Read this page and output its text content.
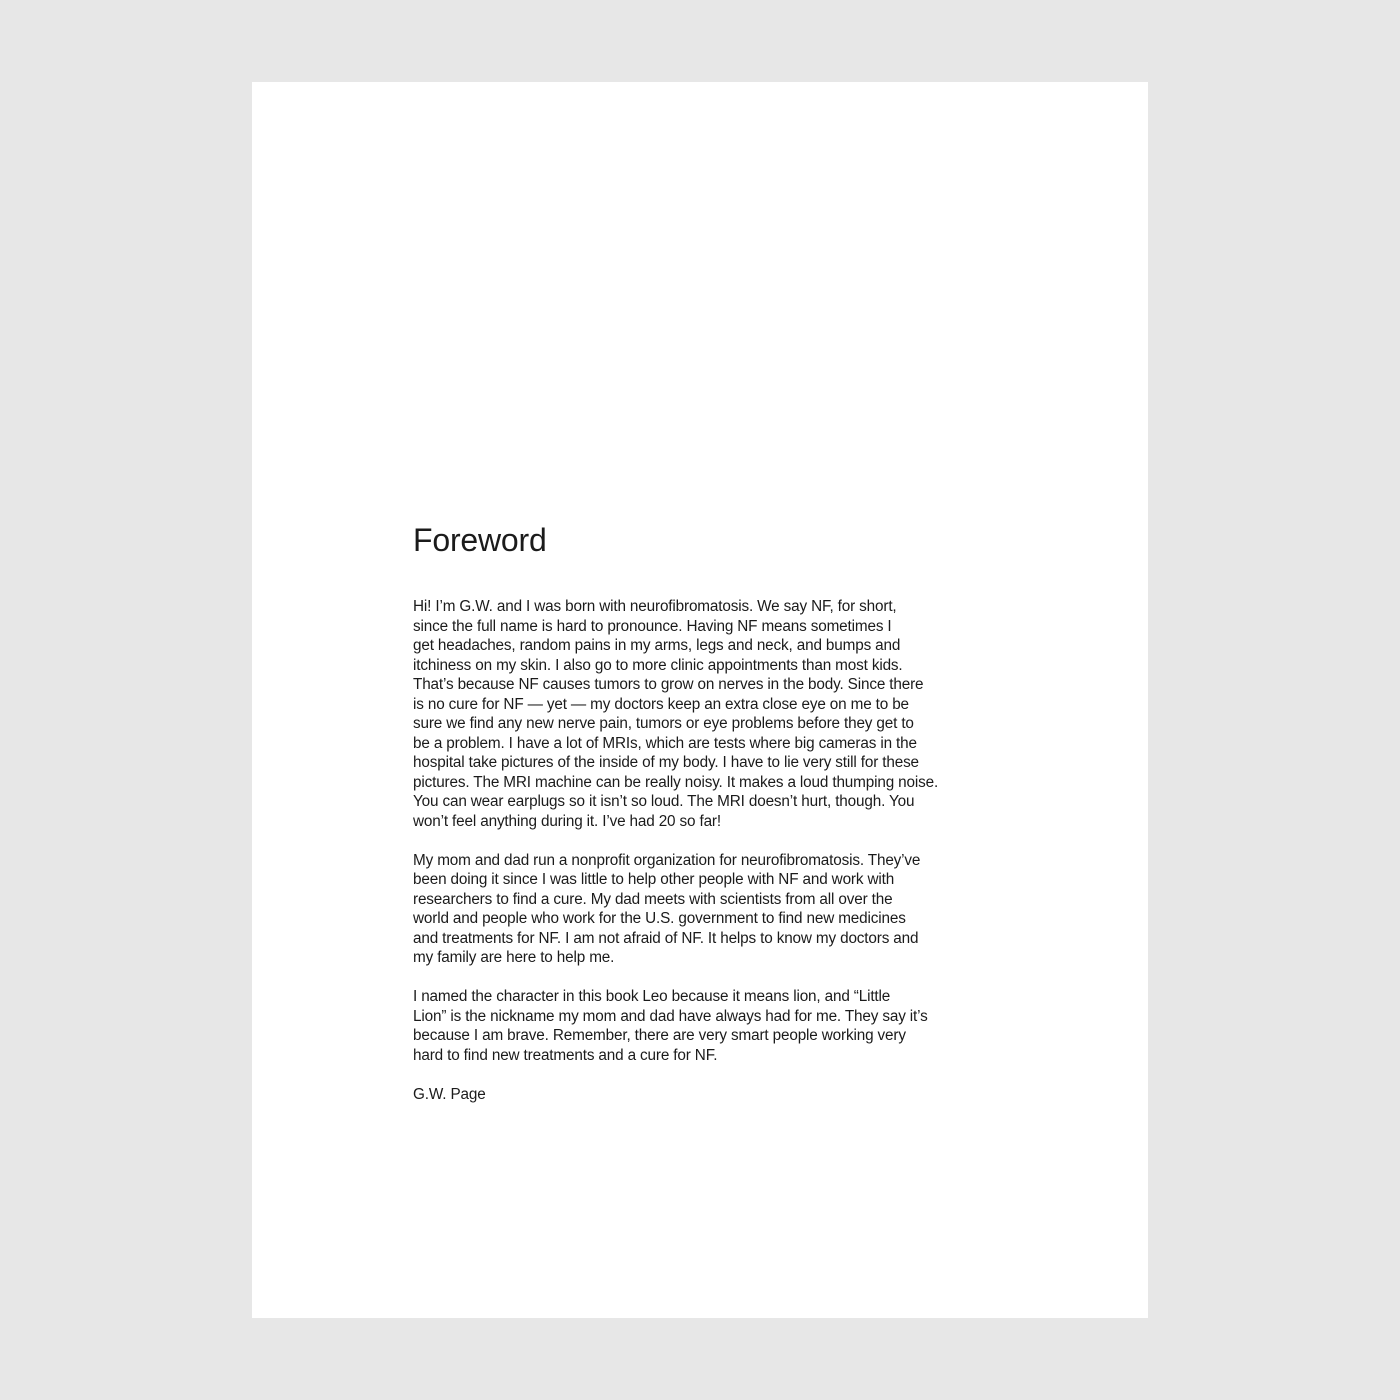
Foreword

Hi! I’m G.W. and I was born with neurofibromatosis. We say NF, for short,
since the full name is hard to pronounce. Having NF means sometimes I
get headaches, random pains in my arms, legs and neck, and bumps and
itchiness on my skin. I also go to more clinic appointments than most kids.
That’s because NF causes tumors to grow on nerves in the body. Since there
is no cure for NF — yet — my doctors keep an extra close eye on me to be
sure we find any new nerve pain, tumors or eye problems before they get to
be a problem. I have a lot of MRIs, which are tests where big cameras in the
hospital take pictures of the inside of my body. I have to lie very still for these
pictures. The MRI machine can be really noisy. It makes a loud thumping noise.
You can wear earplugs so it isn’t so loud. The MRI doesn’t hurt, though. You
won’t feel anything during it. I’ve had 20 so far!

My mom and dad run a nonprofit organization for neurofibromatosis. They’ve
been doing it since I was little to help other people with NF and work with
researchers to find a cure. My dad meets with scientists from all over the
world and people who work for the U.S. government to find new medicines
and treatments for NF. I am not afraid of NF. It helps to know my doctors and
my family are here to help me.

I named the character in this book Leo because it means lion, and “Little
Lion” is the nickname my mom and dad have always had for me. They say it’s
because I am brave. Remember, there are very smart people working very
hard to find new treatments and a cure for NF.

G.W. Page
